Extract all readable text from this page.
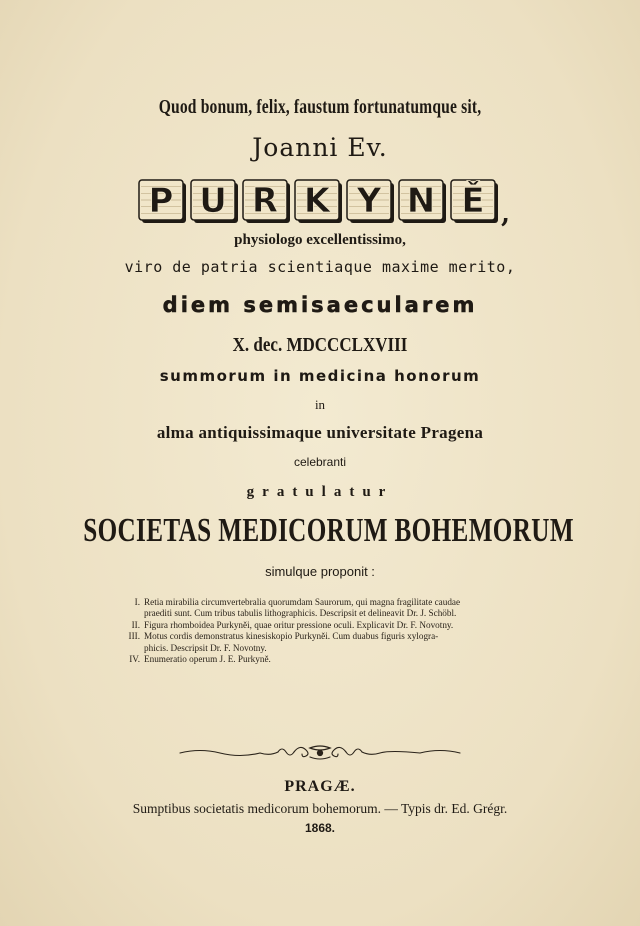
Quod bonum, felix, faustum fortunatumque sit,
Joanni Ev.
P U R K Y N Ě ,
physiologo excellentissimo,
viro de patria scientiaque maxime merito,
diem semisaecularem
X. dec. MDCCCLXVIII
summorum in medicina honorum
in
alma antiquissimaque universitate Pragena
celebranti
gratulatur
SOCIETAS MEDICORUM BOHEMORUM
simulque proponit :
I. Retia mirabilia circumvertebralia quorumdam Saurorum, qui magna fragilitate caudae
praediti sunt. Cum tribus tabulis lithographicis. Descripsit et delineavit Dr. J. Schöbl.
II. Figura rhomboidea Purkyněi, quae oritur pressione oculi. Explicavit Dr. F. Novotny.
III. Motus cordis demonstratus kinesiskopio Purkyněi. Cum duabus figuris xylogra-
phicis. Descripsit Dr. F. Novotny.
IV. Enumeratio operum J. E. Purkyně.
PRAGÆ.
Sumptibus societatis medicorum bohemorum. — Typis dr. Ed. Grégr.
1868.
